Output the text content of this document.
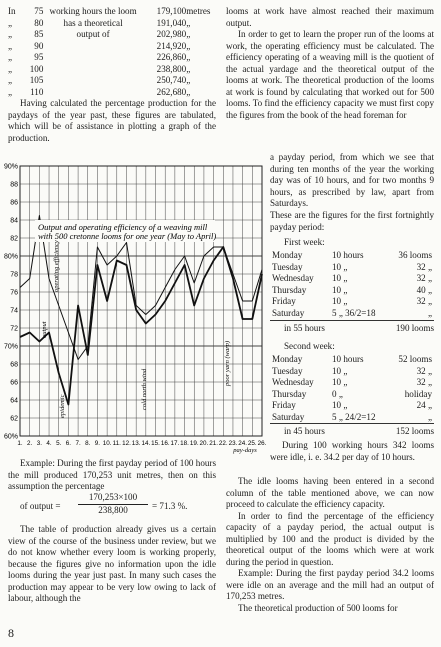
In	75	working hours the loom	179,100	metres
„	80	has a theoretical	191,040	„
„	85	output of	202,980	„
„	90		214,920	„
„	95		226,860	„
„	100		238,800	„
„	105		250,740	„
„	110		262,680	„

Having calculated the percentage production for the paydays of the year past, these figures are tabulated, which will be of assistance in plotting a graph of the production.

looms at work have almost reached their maximum output.

In order to get to learn the proper run of the looms at work, the operating efficiency must be calculated. The efficiency operating of a weaving mill is the quotient of the actual yardage and the theoretical output of the looms at work. The theoretical production of the looms at work is found by calculating that worked out for 500 looms. To find the efficiency capacity we must first copy the figures from the book of the head foreman for

a payday period, from which we see that during ten months of the year the working day was of 10 hours, and for two months 9 hours, as prescribed by law, apart from Saturdays.

These are the figures for the first fortnightly payday period:

First week:
Monday	10 hours	36 looms
Tuesday	10 „	32 „
Wednesday	10 „	32 „
Thursday	10 „	40 „
Friday	10 „	32 „
Saturday	5 „ 36/2=18	„
in 55 hours	190 looms
Second week:
Monday	10 hours	52 looms
Tuesday	10 „	32 „
Wednesday	10 „	32 „
Thursday	0 „	holiday
Friday	10 „	24 „
Saturday	5 „ 24/2=12	„
in 45 hours	152 looms

During 100 working hours 342 looms were idle, i. e. 34.2 per day of 10 hours.

The idle looms having been entered in a second column of the table mentioned above, we can now proceed to calculate the efficiency capacity.

In order to find the percentage of the efficiency capacity of a payday period, the actual output is multiplied by 100 and the product is divided by the theoretical output of the looms which were at work during the period in question.

Example: During the first payday period 34.2 looms were idle on an average and the mill had an output of 170,253 metres.

The theoretical production of 500 looms for

60%
62
64
66
68
70%
72
74
76
78
80%
82
84
86
88
90%
1. 2. 3. 4. 5. 6. 7. 8. 9. 10. 11. 12. 13. 14. 15. 16. 17. 18. 19. 20. 21. 22. 23. 24. 25. 26.
Output and operating efficiency of a weaving mill
with 500 cretonne looms for one year (May to April)
output
epidemic	cold north wind
poor yarn (warp)
operating efficiency
pay-days

Example: During the first payday period of 100 hours the mill produced 170,253 unit metres, then on this assumption the percentage

of output =
170,253×100
238,800	= 71.3 %.

The table of production already gives us a certain view of the course of the business under review, but we do not know whether every loom is working properly, because the figures give no information upon the idle looms during the year just past. In many such cases the production may appear to be very low owing to lack of labour, although the

8
